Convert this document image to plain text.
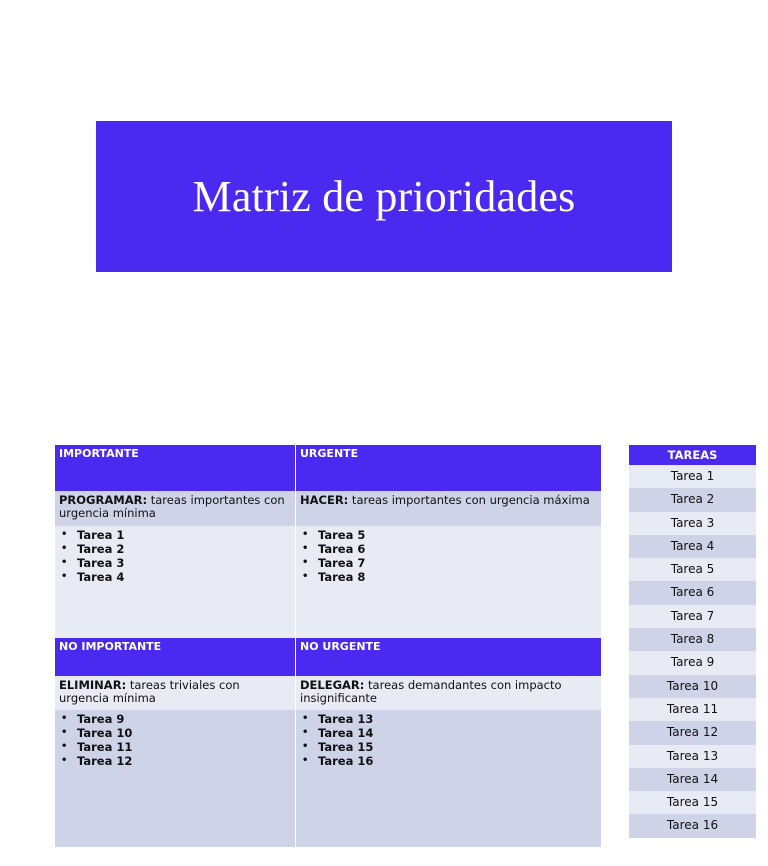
Matriz de prioridades
IMPORTANTE	URGENTE
PROGRAMAR: tareas importantes con urgencia mínima
HACER: tareas importantes con urgencia máxima
• Tarea 1
• Tarea 2
• Tarea 3
• Tarea 4
• Tarea 5
• Tarea 6
• Tarea 7
• Tarea 8
NO IMPORTANTE	NO URGENTE
ELIMINAR: tareas triviales con urgencia mínima
DELEGAR: tareas demandantes con impacto insignificante
• Tarea 9
• Tarea 10
• Tarea 11
• Tarea 12
• Tarea 13
• Tarea 14
• Tarea 15
• Tarea 16
TAREAS
Tarea 1
Tarea 2
Tarea 3
Tarea 4
Tarea 5
Tarea 6
Tarea 7
Tarea 8
Tarea 9
Tarea 10
Tarea 11
Tarea 12
Tarea 13
Tarea 14
Tarea 15
Tarea 16
